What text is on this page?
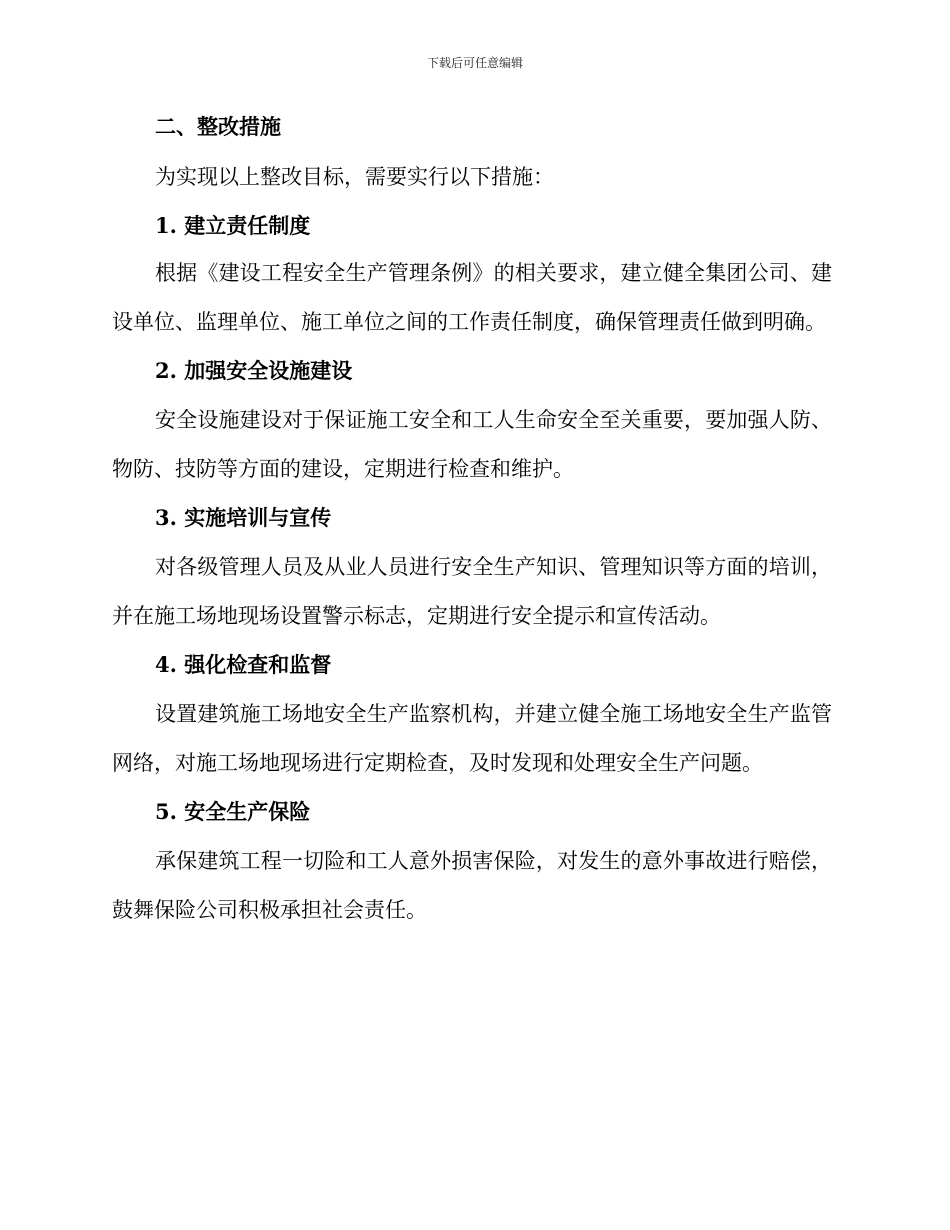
下载后可任意编辑
二、整改措施

为实现以上整改目标，需要实行以下措施：

1. 建立责任制度

根据《建设工程安全生产管理条例》的相关要求，建立健全集团公司、建设单位、监理单位、施工单位之间的工作责任制度，确保管理责任做到明确。

2. 加强安全设施建设

安全设施建设对于保证施工安全和工人生命安全至关重要，要加强人防、物防、技防等方面的建设，定期进行检查和维护。

3. 实施培训与宣传

对各级管理人员及从业人员进行安全生产知识、管理知识等方面的培训，并在施工场地现场设置警示标志，定期进行安全提示和宣传活动。

4. 强化检查和监督

设置建筑施工场地安全生产监察机构，并建立健全施工场地安全生产监管网络，对施工场地现场进行定期检查，及时发现和处理安全生产问题。

5. 安全生产保险

承保建筑工程一切险和工人意外损害保险，对发生的意外事故进行赔偿，鼓舞保险公司积极承担社会责任。
